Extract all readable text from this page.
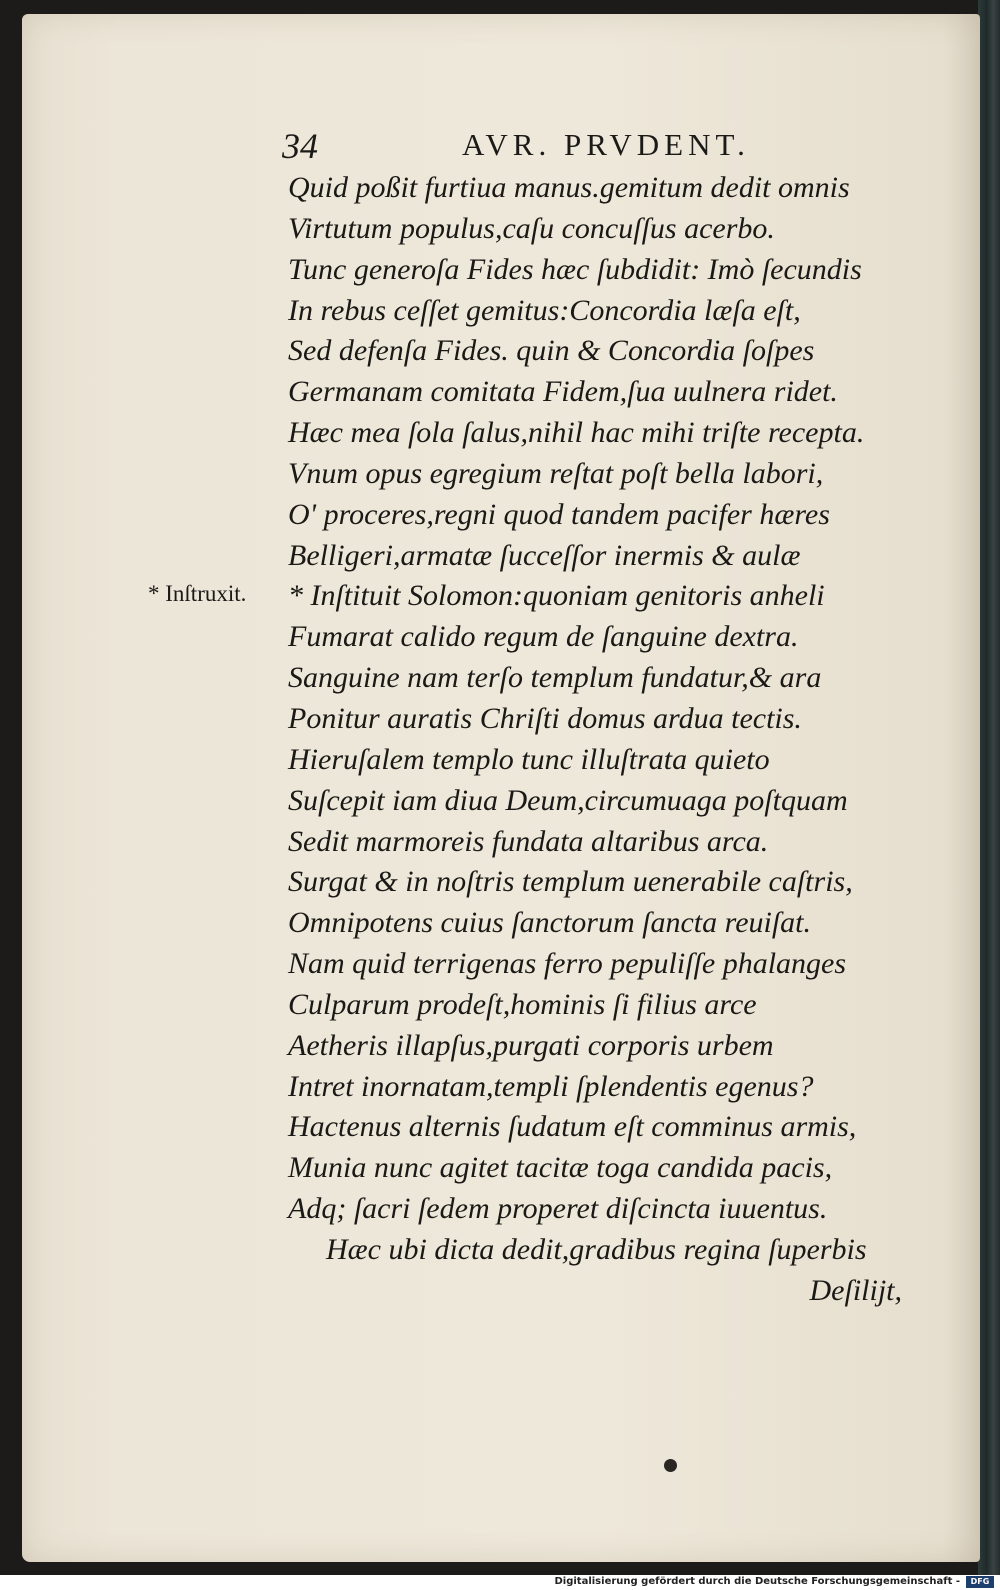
34	AVR. PRVDENT.
* Inſtruxit.

Quid poßit furtiua manus.gemitum dedit omnis

Virtutum populus,caſu concuſſus acerbo.

Tunc generoſa Fides hæc ſubdidit: Imò ſecundis

In rebus ceſſet gemitus:Concordia læſa eſt,

Sed defenſa Fides. quin & Concordia ſoſpes

Germanam comitata Fidem,ſua uulnera ridet.

Hæc mea ſola ſalus,nihil hac mihi triſte recepta.

Vnum opus egregium reſtat poſt bella labori,

O' proceres,regni quod tandem pacifer hæres

Belligeri,armatæ ſucceſſor inermis & aulæ

* Inſtituit Solomon:quoniam genitoris anheli

Fumarat calido regum de ſanguine dextra.

Sanguine nam terſo templum fundatur,& ara

Ponitur auratis Chriſti domus ardua tectis.

Hieruſalem templo tunc illuſtrata quieto

Suſcepit iam diua Deum,circumuaga poſtquam

Sedit marmoreis fundata altaribus arca.

Surgat & in noſtris templum uenerabile caſtris,

Omnipotens cuius ſanctorum ſancta reuiſat.

Nam quid terrigenas ferro pepuliſſe phalanges

Culparum prodeſt,hominis ſi filius arce

Aetheris illapſus,purgati corporis urbem

Intret inornatam,templi ſplendentis egenus?

Hactenus alternis ſudatum eſt comminus armis,

Munia nunc agitet tacitæ toga candida pacis,

Adq; ſacri ſedem properet diſcincta iuuentus.

Hæc ubi dicta dedit,gradibus regina ſuperbis

Deſilijt,

Digitalisierung gefördert durch die Deutsche Forschungsgemeinschaft -	DFG
